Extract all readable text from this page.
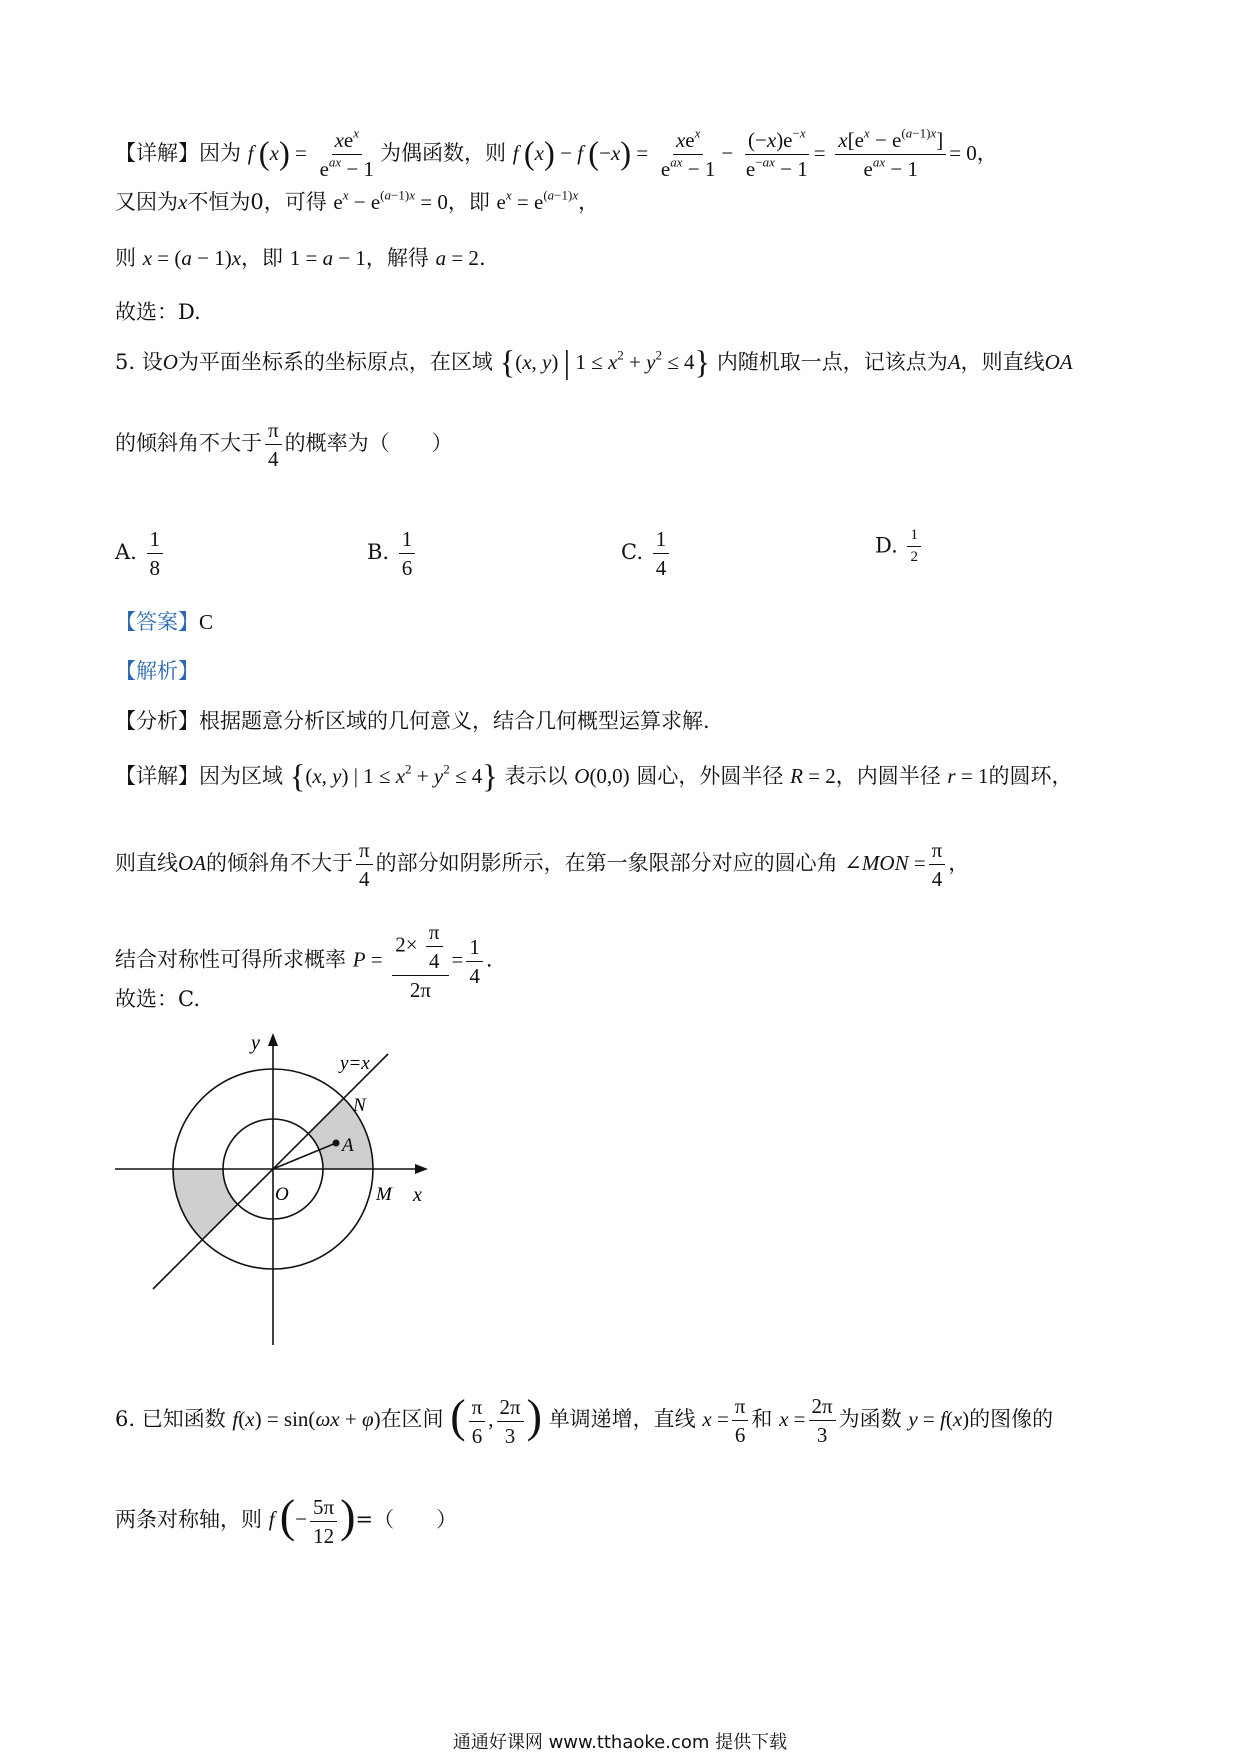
【详解】因为 f $(x) = \frac{xe^x}{e^{ax} - 1}$ 为偶函数，则 f (x) − f $(-x) = \frac{xe^x}{e^{ax} - 1} - \frac{(-x)e^{-x}}{e^{-ax} - 1} = \frac{x[e^x - e^{(a-1)x}]}{e^{ax} - 1} = 0$，
又因为x不恒为0，可得 $e^x - e^{(a-1)x} = 0$，即 $e^x = e^{(a-1)x}$，
则 x = (a − 1)x，即 1 = a − 1，解得 a = 2.
故选：D.
5. 设O为平面坐标系的坐标原点，在区域 {(x, y) | $1 \le x^2 + y^2 \le 4$} 内随机取一点，记该点为A，则直线OA
的倾斜角不大于 $\frac{\pi}{4}$ 的概率为（　　）
A. $\frac{1}{8}$	B. $\frac{1}{6}$	C. $\frac{1}{4}$	D. $\frac{1}{2}$
【答案】C
【解析】
【分析】根据题意分析区域的几何意义，结合几何概型运算求解.
【详解】因为区域 {(x, y) | $1 \le x^2 + y^2 \le 4$} 表示以 O(0,0) 圆心，外圆半径 R = 2，内圆半径 r = 1的圆环，
则直线OA的倾斜角不大于 $\frac{\pi}{4}$ 的部分如阴影所示，在第一象限部分对应的圆心角 ∠MON = $\frac{\pi}{4}$ ，
结合对称性可得所求概率 $P = \frac{2\times \frac{\pi}{4}}{2\pi} = \frac{1}{4}$ .
故选：C.
y
x
y=x
N
A
O	M
6. 已知函数 f(x) = sin(ωx + φ)在区间 ( $\frac{\pi}{6}$ , $\frac{2\pi}{3}$ ) 单调递增，直线 $x = \frac{\pi}{6}$ 和 $x = \frac{2\pi}{3}$ 为函数 y = f(x)的图像的
两条对称轴，则 f (− $\frac{5\pi}{12}$ )=（　　）
通通好课网 www.tthaoke.com 提供下载
